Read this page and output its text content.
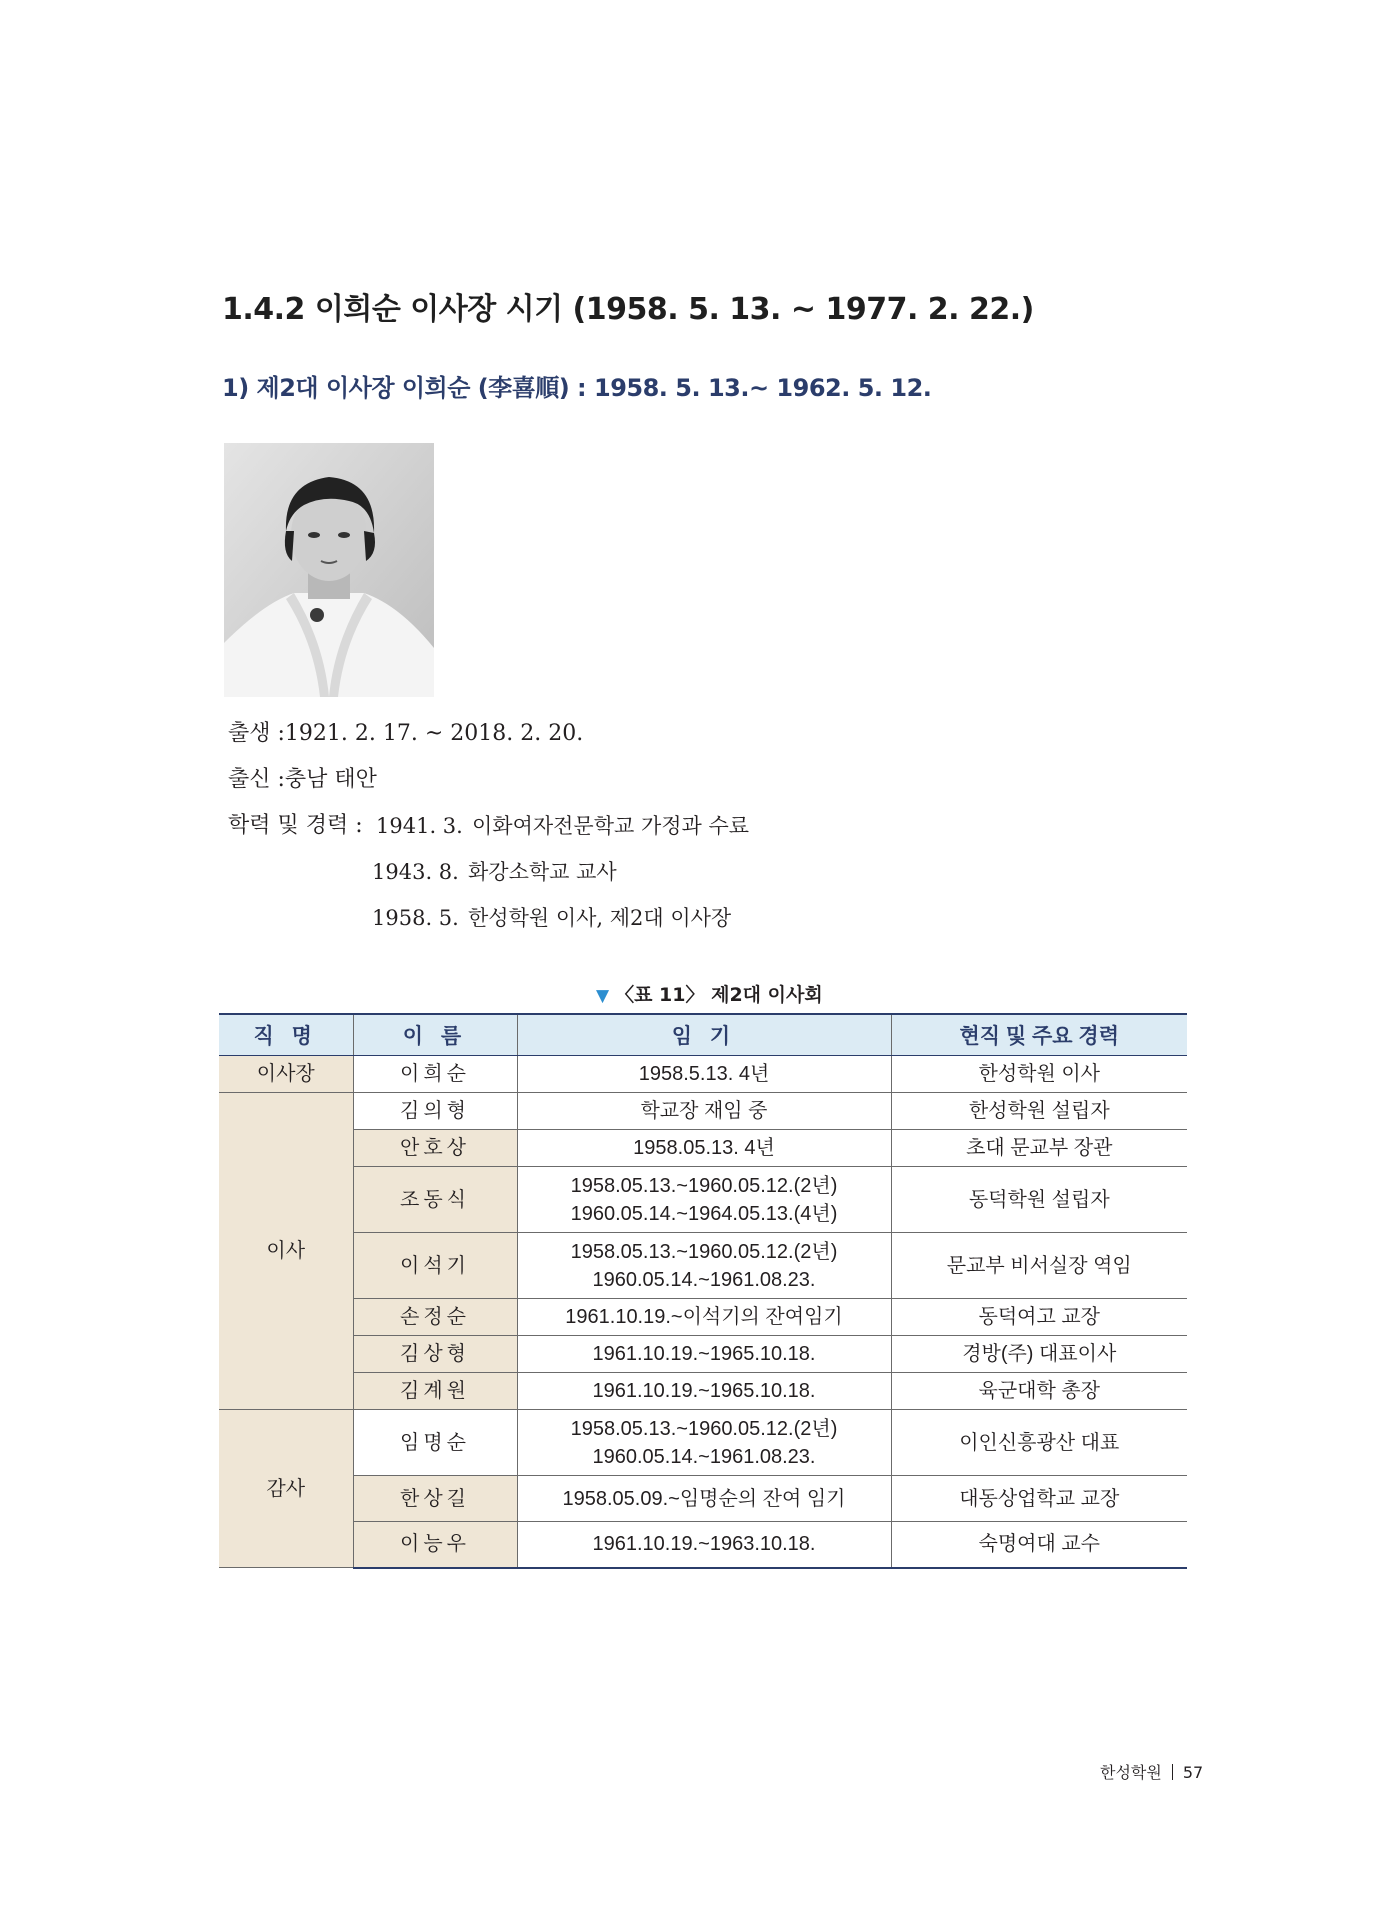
1.4.2 이희순 이사장 시기 (1958. 5. 13. ~ 1977. 2. 22.)
1) 제2대 이사장 이희순 (李喜順) : 1958. 5. 13.~ 1962. 5. 12.
출생 :1921. 2. 17. ~ 2018. 2. 20.
출신 :충남 태안
학력 및 경력 : 1941. 3. 이화여자전문학교 가정과 수료
1943. 8. 화강소학교 교사
1958. 5. 한성학원 이사, 제2대 이사장
▼ 〈표 11〉 제2대 이사회
직 명	이 름	임 기	현직 및 주요 경력
이사장	이희순	1958.5.13. 4년	한성학원 이사
이사	김의형	학교장 재임 중	한성학원 설립자
	안호상	1958.05.13. 4년	초대 문교부 장관
	조동식	1958.05.13.~1960.05.12.(2년)
1960.05.14.~1964.05.13.(4년)	동덕학원 설립자
	이석기	1958.05.13.~1960.05.12.(2년)
1960.05.14.~1961.08.23.	문교부 비서실장 역임
	손정순	1961.10.19.~이석기의 잔여임기	동덕여고 교장
	김상형	1961.10.19.~1965.10.18.	경방(주) 대표이사
	김계원	1961.10.19.~1965.10.18.	육군대학 총장
감사	임명순	1958.05.13.~1960.05.12.(2년)
1960.05.14.~1961.08.23.	이인신흥광산 대표
	한상길	1958.05.09.~임명순의 잔여 임기	대동상업학교 교장
	이능우	1961.10.19.~1963.10.18.	숙명여대 교수
한성학원 57
